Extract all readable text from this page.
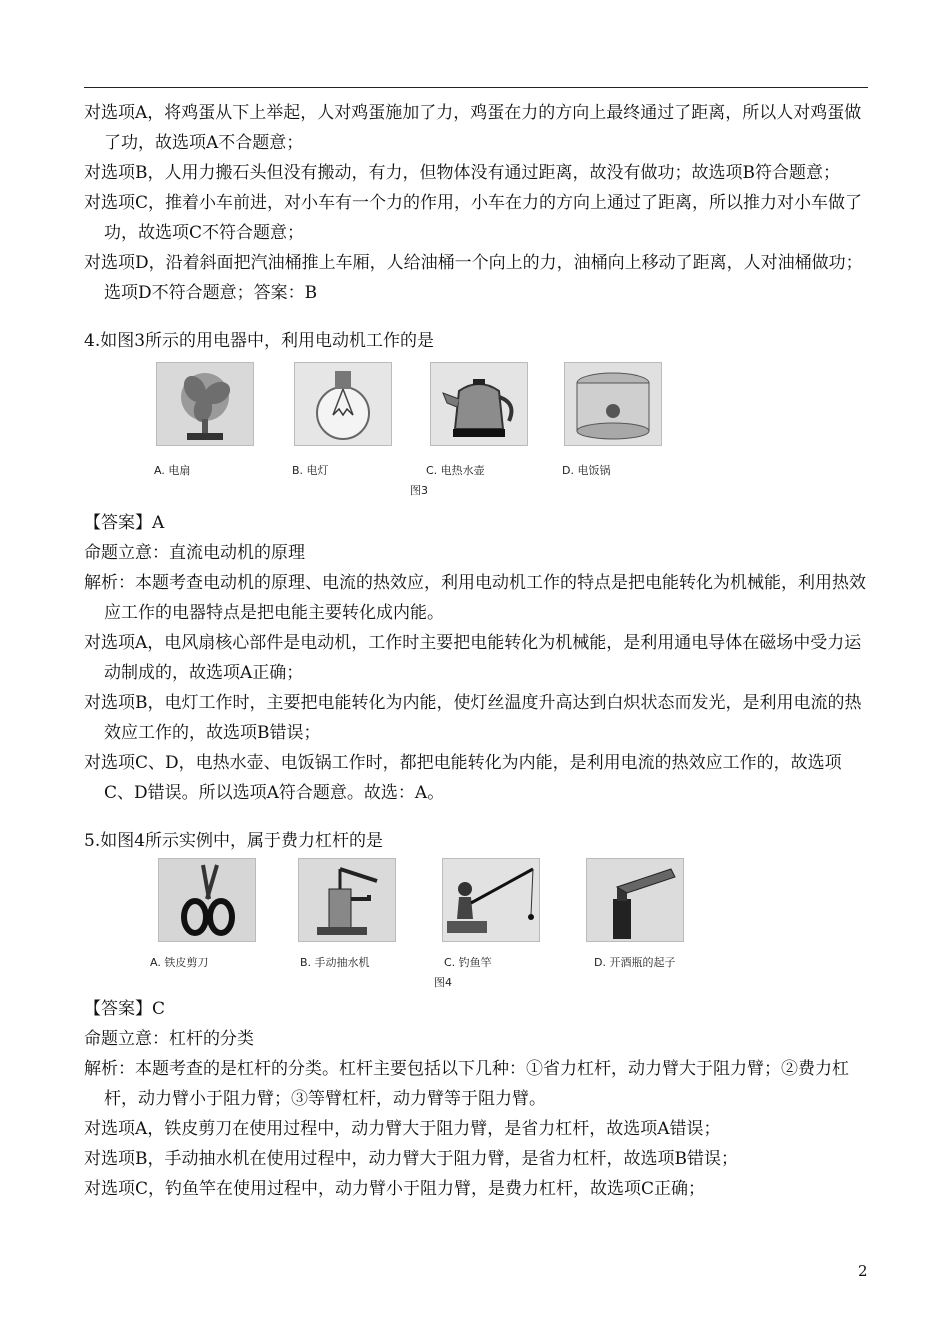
对选项A，将鸡蛋从下上举起，人对鸡蛋施加了力，鸡蛋在力的方向上最终通过了距离，所以人对鸡蛋做了功，故选项A不合题意；

对选项B，人用力搬石头但没有搬动，有力，但物体没有通过距离，故没有做功；故选项B符合题意；

对选项C，推着小车前进，对小车有一个力的作用，小车在力的方向上通过了距离，所以推力对小车做了功，故选项C不符合题意；

对选项D，沿着斜面把汽油桶推上车厢，人给油桶一个向上的力，油桶向上移动了距离，人对油桶做功；选项D不符合题意；答案：B

4.如图3所示的用电器中，利用电动机工作的是

A. 电扇	B. 电灯	C. 电热水壶	D. 电饭锅
图3

【答案】A

命题立意：直流电动机的原理

解析：本题考查电动机的原理、电流的热效应，利用电动机工作的特点是把电能转化为机械能，利用热效应工作的电器特点是把电能主要转化成内能。

对选项A，电风扇核心部件是电动机，工作时主要把电能转化为机械能，是利用通电导体在磁场中受力运动制成的，故选项A正确；

对选项B，电灯工作时，主要把电能转化为内能，使灯丝温度升高达到白炽状态而发光，是利用电流的热效应工作的，故选项B错误；

对选项C、D，电热水壶、电饭锅工作时，都把电能转化为内能，是利用电流的热效应工作的，故选项C、D错误。所以选项A符合题意。故选：A。

5.如图4所示实例中，属于费力杠杆的是

A. 铁皮剪刀	B. 手动抽水机	C. 钓鱼竿	D. 开酒瓶的起子
图4

【答案】C

命题立意：杠杆的分类

解析：本题考查的是杠杆的分类。杠杆主要包括以下几种：①省力杠杆，动力臂大于阻力臂；②费力杠杆，动力臂小于阻力臂；③等臂杠杆，动力臂等于阻力臂。

对选项A，铁皮剪刀在使用过程中，动力臂大于阻力臂，是省力杠杆，故选项A错误；

对选项B，手动抽水机在使用过程中，动力臂大于阻力臂，是省力杠杆，故选项B错误；

对选项C，钓鱼竿在使用过程中，动力臂小于阻力臂，是费力杠杆，故选项C正确；

2
